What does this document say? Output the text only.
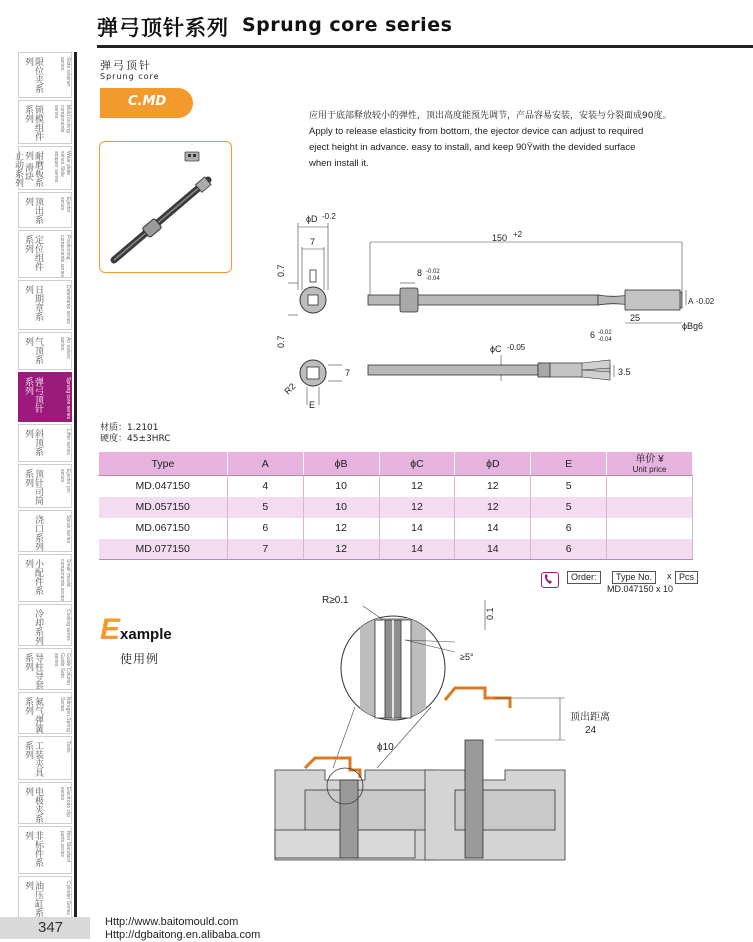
弹弓顶针系列 Sprung core series
限位夹系列	Slide retainer series
锁模组件系列	Mold locking components series
耐磨板系列 滑块止动系列	Wear plate series Slide stopper series
顶出系列	Ejector series
定位组件系列	Positioning components series
日期章系列	Datestamp series
气顶系列	Air valves series
弹弓顶针系列	Sprung core series
斜顶系列	Lifter series
顶针司筒系列	Ejector pin series
浇口系列	Sprue series
小配件系列	Small mould components series
冷却系列	Cooling series
导柱导套系列	Guide Column Guide Sets series
氮气弹簧系列	Nitrogen Spring Series
工装夹具系列	Tools
电极夹系列	Electrode clip series
非标件系列	Non Standard parts series
油压缸系列	Cylinder Series
弹弓顶针
Sprung core
C.MD
应用于底部释放较小的弹性，顶出高度能预先调节，产品容易安装，安装与分裂面成90度。
Apply to release elasticity from bottom, the ejector device can adjust to required eject height in advance. easy to install, and keep 90Ÿwith the devided surface when install it.
ϕD -0.2
7
0.7
0.7
7
R2
E
150 +2
8 -0.02
-0.04
A -0.02
25
ϕBg6
6 -0.02
-0.04
ϕC -0.05
3.5
材质：1.2101
硬度：45±3HRC
Type	A	ϕB	ϕC	ϕD	E	单价 ¥
Unit price

MD.047150	4	10	12	12	5	
MD.057150	5	10	12	12	5	
MD.067150	6	12	14	14	6	
MD.077150	7	12	14	14	6	
Order:	Type No.	x Pcs
MD.047150 x 10
Example
使用例
R≥0.1
0.1
≥5°
ϕ10
顶出距离
24
347	Http://www.baitomould.com
Http://dgbaitong.en.alibaba.com
